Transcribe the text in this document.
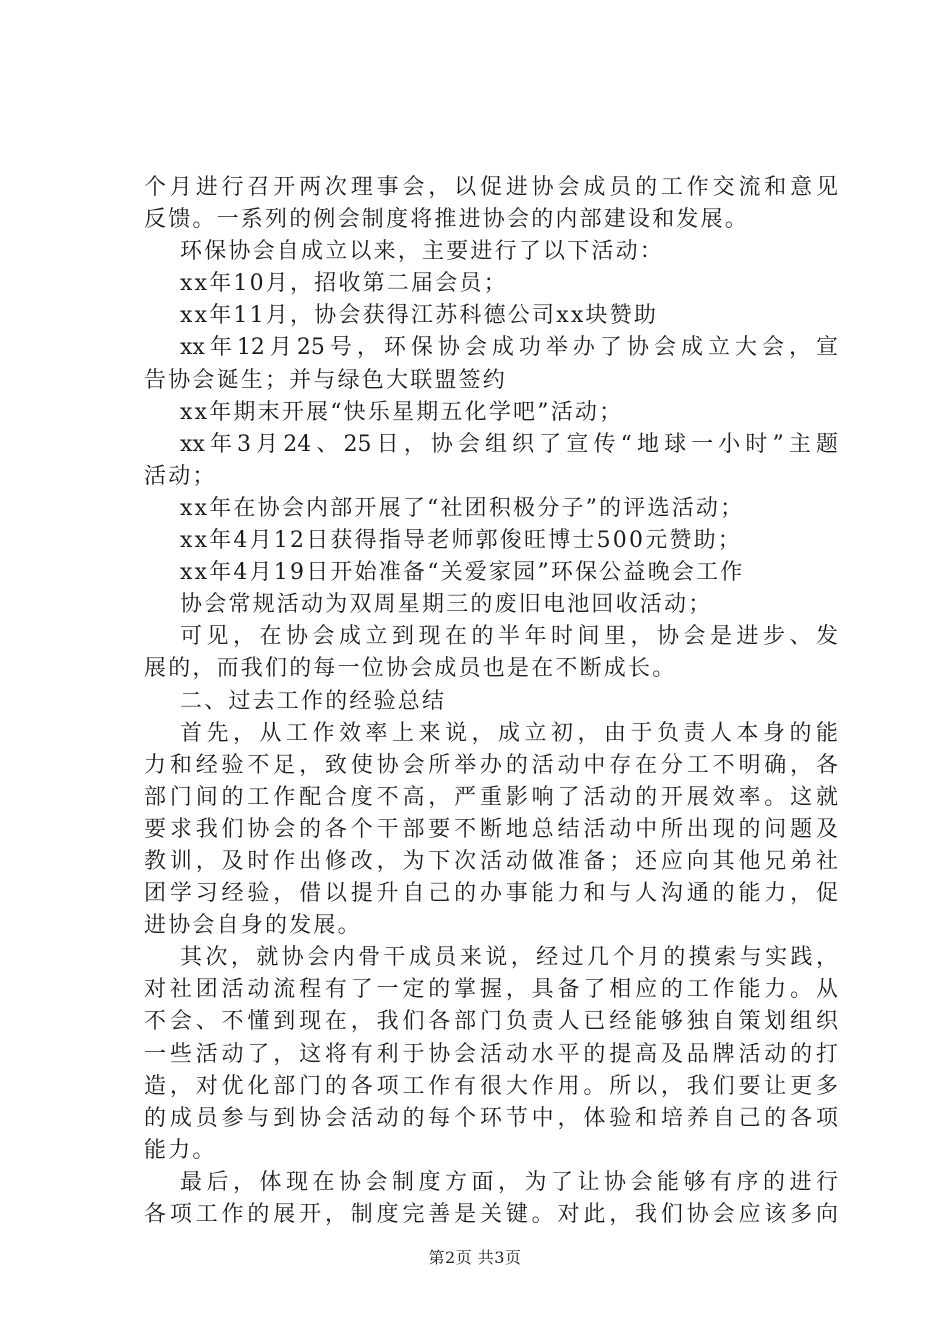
个月进行召开两次理事会，以促进协会成员的工作交流和意见
反馈。一系列的例会制度将推进协会的内部建设和发展。
环保协会自成立以来，主要进行了以下活动：
xx年10月，招收第二届会员；
xx年11月，协会获得江苏科德公司xx块赞助
xx年12月25号，环保协会成功举办了协会成立大会，宣
告协会诞生；并与绿色大联盟签约
xx年期末开展“快乐星期五化学吧”活动；
xx年3月24、25日，协会组织了宣传“地球一小时”主题
活动；
xx年在协会内部开展了“社团积极分子”的评选活动；
xx年4月12日获得指导老师郭俊旺博士500元赞助；
xx年4月19日开始准备“关爱家园”环保公益晚会工作
协会常规活动为双周星期三的废旧电池回收活动；
可见，在协会成立到现在的半年时间里，协会是进步、发
展的，而我们的每一位协会成员也是在不断成长。
二、过去工作的经验总结
首先，从工作效率上来说，成立初，由于负责人本身的能
力和经验不足，致使协会所举办的活动中存在分工不明确，各
部门间的工作配合度不高，严重影响了活动的开展效率。这就
要求我们协会的各个干部要不断地总结活动中所出现的问题及
教训，及时作出修改，为下次活动做准备；还应向其他兄弟社
团学习经验，借以提升自己的办事能力和与人沟通的能力，促
进协会自身的发展。
其次，就协会内骨干成员来说，经过几个月的摸索与实践，
对社团活动流程有了一定的掌握，具备了相应的工作能力。从
不会、不懂到现在，我们各部门负责人已经能够独自策划组织
一些活动了，这将有利于协会活动水平的提高及品牌活动的打
造，对优化部门的各项工作有很大作用。所以，我们要让更多
的成员参与到协会活动的每个环节中，体验和培养自己的各项
能力。
最后，体现在协会制度方面，为了让协会能够有序的进行
各项工作的展开，制度完善是关键。对此，我们协会应该多向
第2页 共3页
